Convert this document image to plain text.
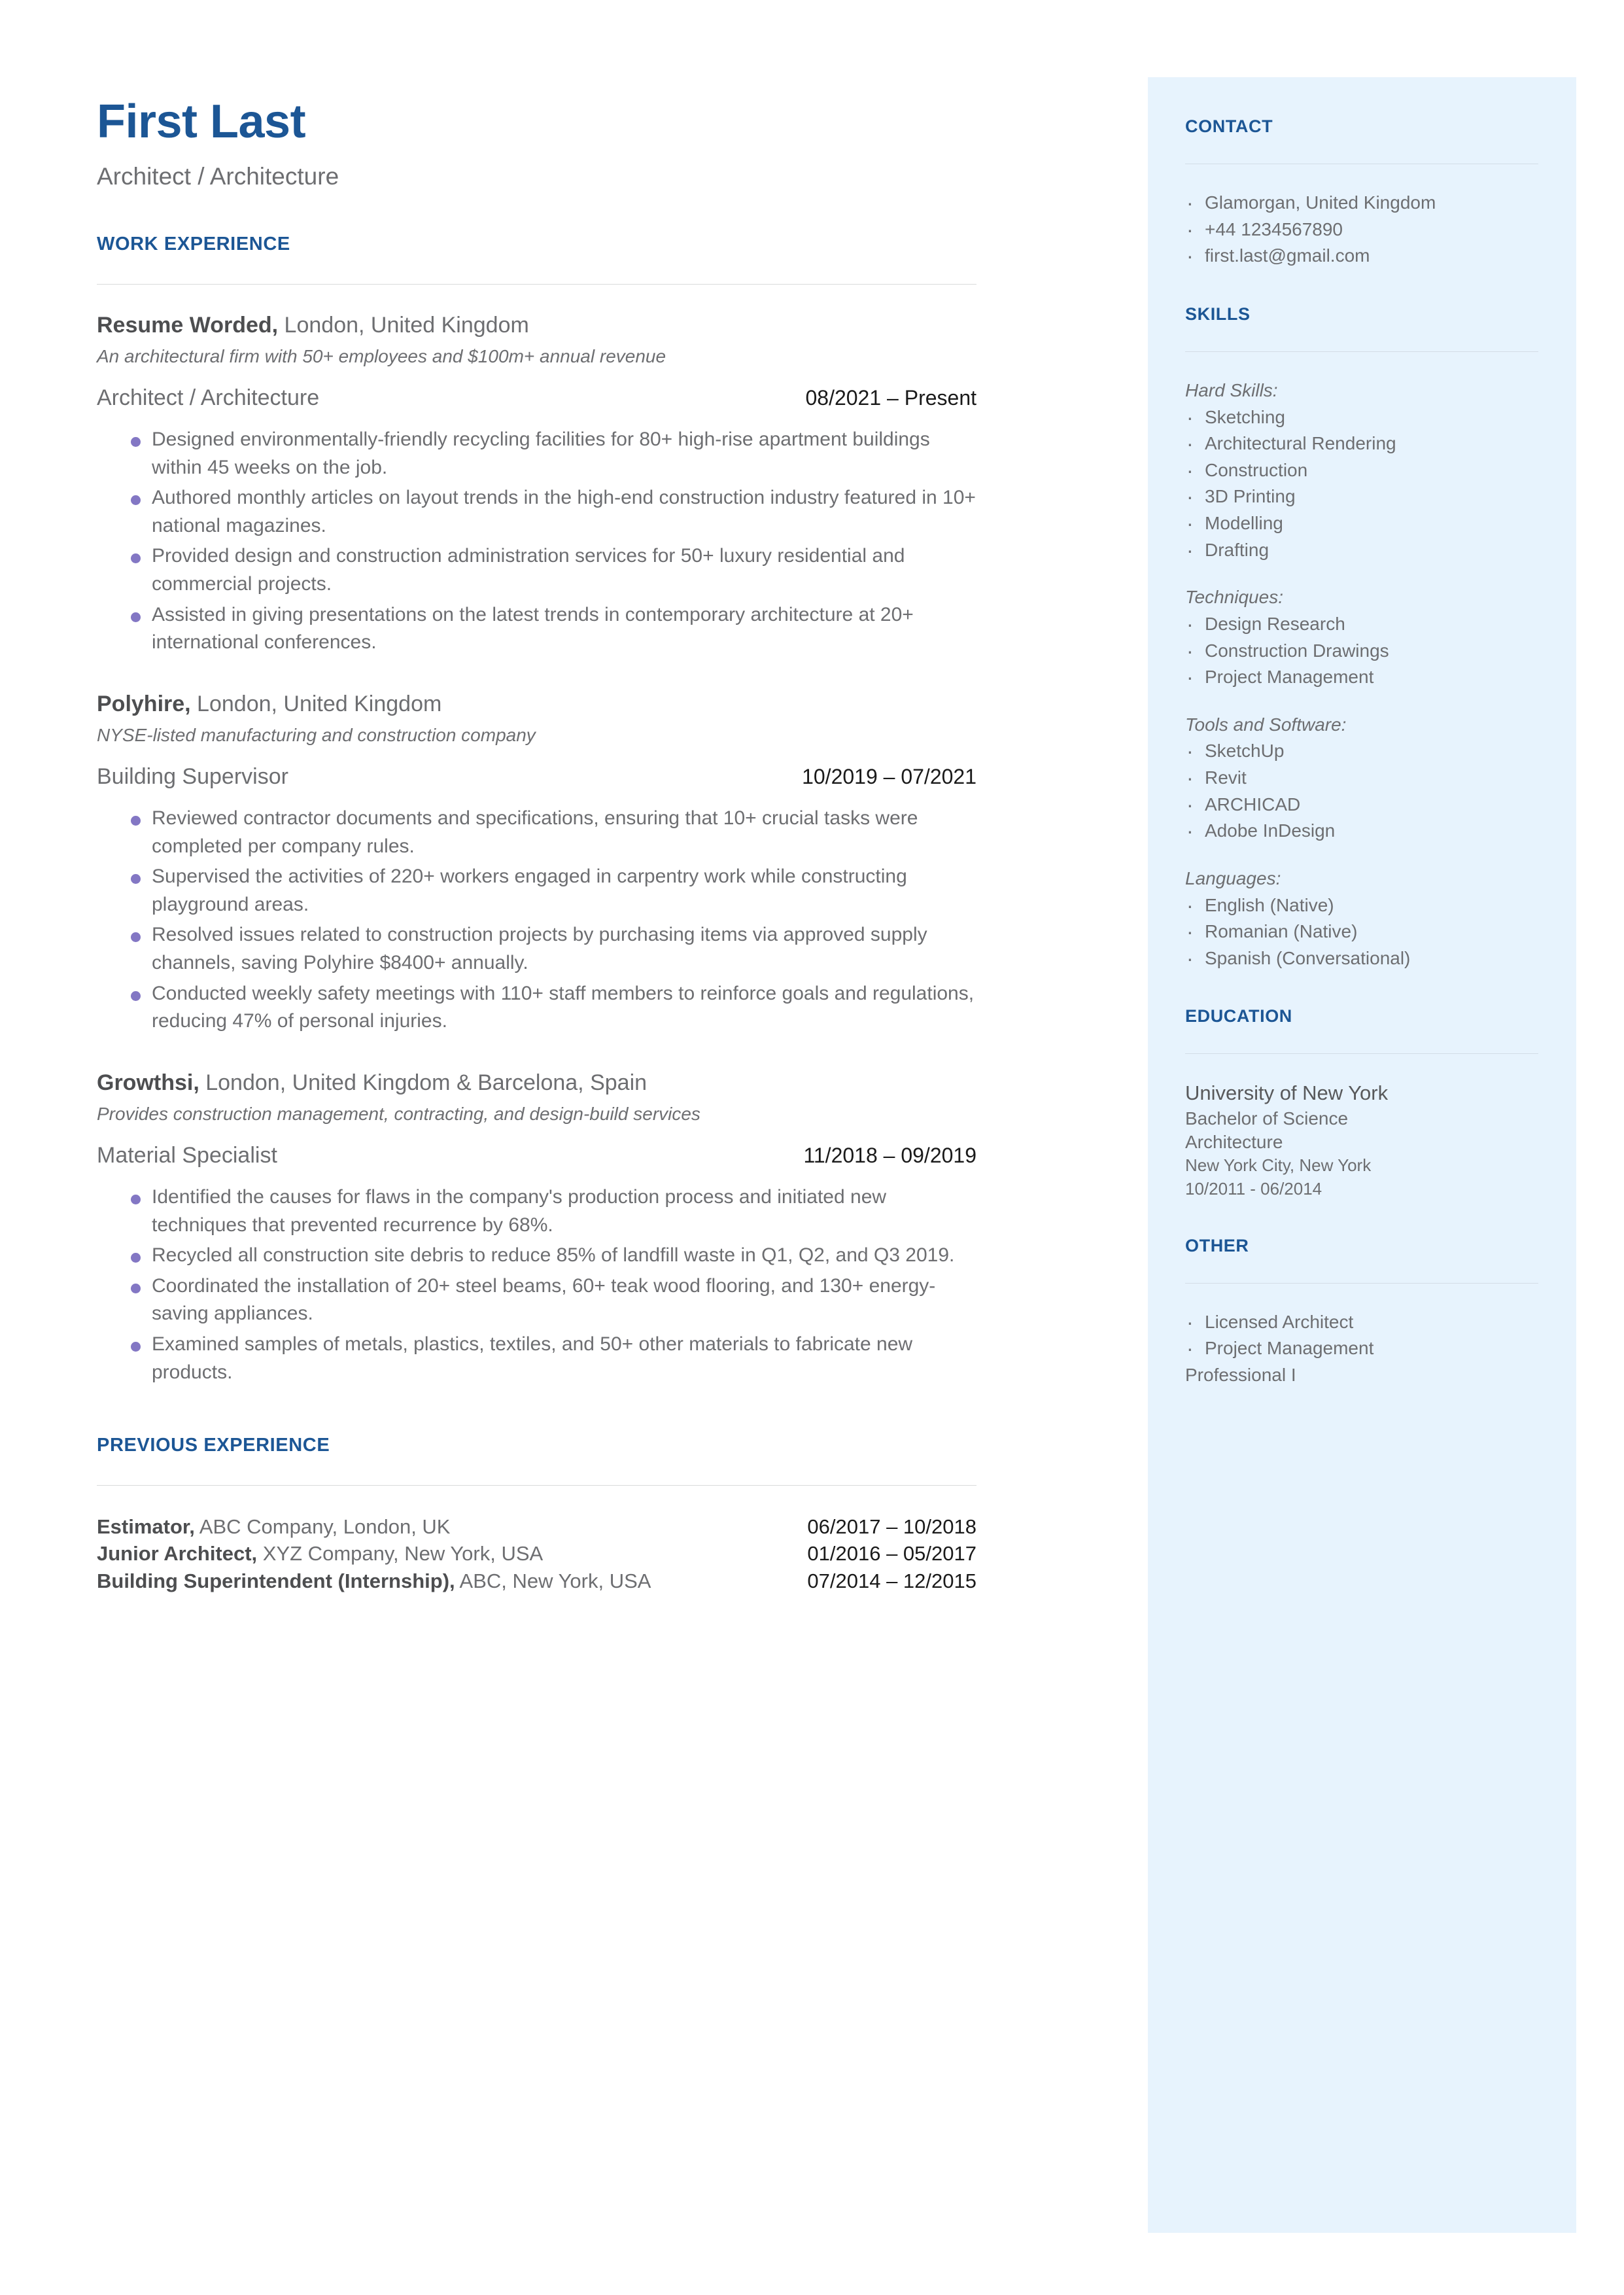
First Last
Architect / Architecture
WORK EXPERIENCE
Resume Worded, London, United Kingdom
An architectural firm with 50+ employees and $100m+ annual revenue
Architect / Architecture	08/2021 – Present
Designed environmentally-friendly recycling facilities for 80+ high-rise apartment buildings within 45 weeks on the job.
Authored monthly articles on layout trends in the high-end construction industry featured in 10+ national magazines.
Provided design and construction administration services for 50+ luxury residential and commercial projects.
Assisted in giving presentations on the latest trends in contemporary architecture at 20+ international conferences.
Polyhire, London, United Kingdom
NYSE-listed manufacturing and construction company
Building Supervisor	10/2019 – 07/2021
Reviewed contractor documents and specifications, ensuring that 10+ crucial tasks were completed per company rules.
Supervised the activities of 220+ workers engaged in carpentry work while constructing playground areas.
Resolved issues related to construction projects by purchasing items via approved supply channels, saving Polyhire $8400+ annually.
Conducted weekly safety meetings with 110+ staff members to reinforce goals and regulations, reducing 47% of personal injuries.
Growthsi, London, United Kingdom & Barcelona, Spain
Provides construction management, contracting, and design-build services
Material Specialist	11/2018 – 09/2019
Identified the causes for flaws in the company's production process and initiated new techniques that prevented recurrence by 68%.
Recycled all construction site debris to reduce 85% of landfill waste in Q1, Q2, and Q3 2019.
Coordinated the installation of 20+ steel beams, 60+ teak wood flooring, and 130+ energy-saving appliances.
Examined samples of metals, plastics, textiles, and 50+ other materials to fabricate new products.
PREVIOUS EXPERIENCE
Estimator, ABC Company, London, UK	06/2017 – 10/2018
Junior Architect, XYZ Company, New York, USA	01/2016 – 05/2017
Building Superintendent (Internship), ABC, New York, USA	07/2014 – 12/2015
CONTACT
· Glamorgan, United Kingdom
· +44 1234567890
· first.last@gmail.com
SKILLS
Hard Skills:
· Sketching
· Architectural Rendering
· Construction
· 3D Printing
· Modelling
· Drafting
Techniques:
· Design Research
· Construction Drawings
· Project Management
Tools and Software:
· SketchUp
· Revit
· ARCHICAD
· Adobe InDesign
Languages:
· English (Native)
· Romanian (Native)
· Spanish (Conversational)
EDUCATION
University of New York
Bachelor of Science
Architecture
New York City, New York
10/2011 - 06/2014
OTHER
· Licensed Architect
· Project Management
Professional I
